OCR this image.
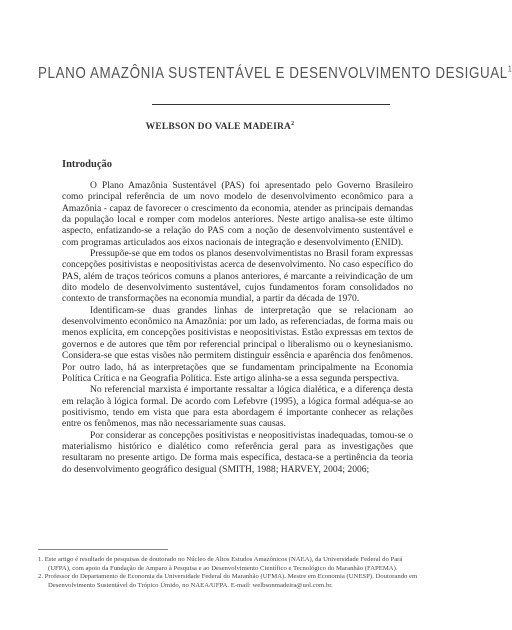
PLANO AMAZÔNIA SUSTENTÁVEL E DESENVOLVIMENTO DESIGUAL$^1$
WELBSON DO VALE MADEIRA$^2$
Introdução

O Plano Amazônia Sustentável (PAS) foi apresentado pelo Governo Brasileiro como principal referência de um novo modelo de desenvolvimento econômico para a Amazônia - capaz de favorecer o crescimento da economia, atender as principais demandas da população local e romper com modelos anteriores. Neste artigo analisa-se este último aspecto, enfatizando-se a relação do PAS com a noção de desenvolvimento sustentável e com programas articulados aos eixos nacionais de integração e desenvolvimento (ENID).

Pressupõe-se que em todos os planos desenvolvimentistas no Brasil foram expressas concepções positivistas e neopositivistas acerca de desenvolvimento. No caso específico do PAS, além de traços teóricos comuns a planos anteriores, é marcante a reivindicação de um dito modelo de desenvolvimento sustentável, cujos fundamentos foram consolidados no contexto de transformações na economia mundial, a partir da década de 1970.

Identificam-se duas grandes linhas de interpretação que se relacionam ao desenvolvimento econômico na Amazônia: por um lado, as referenciadas, de forma mais ou menos explícita, em concepções positivistas e neopositivistas. Estão expressas em textos de governos e de autores que têm por referencial principal o liberalismo ou o keynesianismo. Considera-se que estas visões não permitem distinguir essência e aparência dos fenômenos. Por outro lado, há as interpretações que se fundamentam principalmente na Economia Política Crítica e na Geografia Política. Este artigo alinha-se a essa segunda perspectiva.

No referencial marxista é importante ressaltar a lógica dialética, e a diferença desta em relação à lógica formal. De acordo com Lefebvre (1995), a lógica formal adéqua-se ao positivismo, tendo em vista que para esta abordagem é importante conhecer as relações entre os fenômenos, mas não necessariamente suas causas.

Por considerar as concepções positivistas e neopositivistas inadequadas, tomou-se o materialismo histórico e dialético como referência geral para as investigações que resultaram no presente artigo. De forma mais específica, destaca-se a pertinência da teoria do desenvolvimento geográfico desigual (SMITH, 1988; HARVEY, 2004; 2006;

1. Este artigo é resultado de pesquisas de doutorado no Núcleo de Altos Estudos Amazônicos (NAEA), da Universidade Federal do Pará (UFPA), com apoio da Fundação de Amparo à Pesquisa e ao Desenvolvimento Científico e Tecnológico do Maranhão (FAPEMA).

2. Professor do Departamento de Economia da Universidade Federal do Maranhão (UFMA). Mestre em Economia (UNESP). Doutorando em Desenvolvimento Sustentável do Trópico Úmido, no NAEA/UFPA. E-mail: welbsonmadeira@uol.com.br.
